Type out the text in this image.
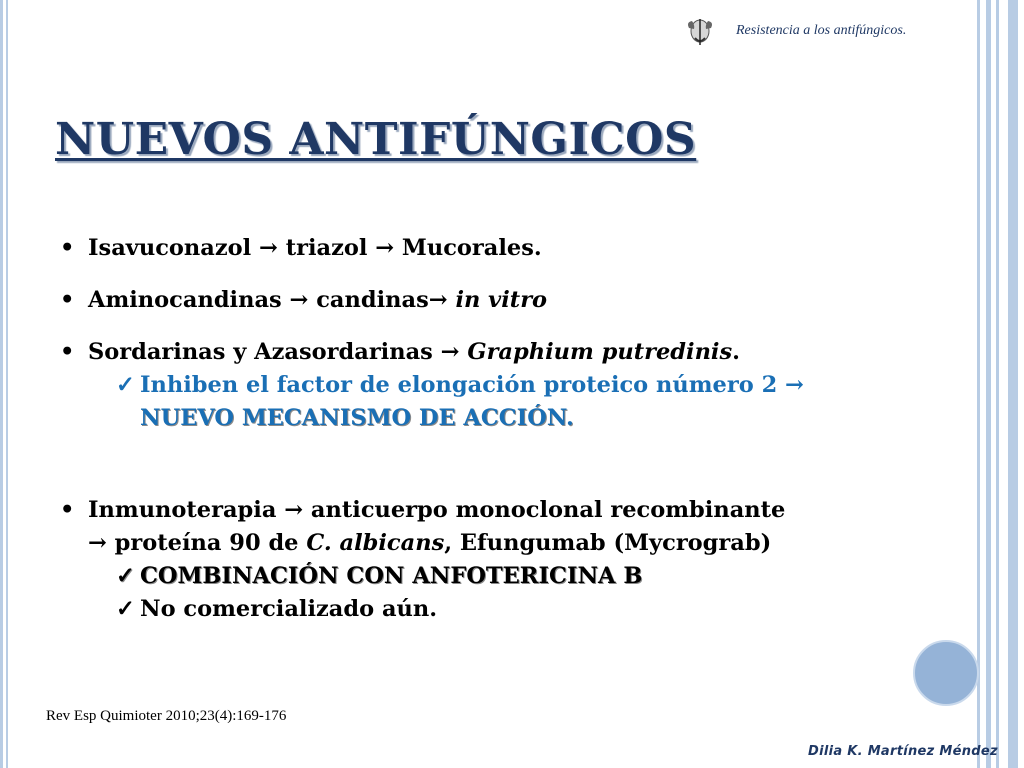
Resistencia a los antifúngicos.
NUEVOS ANTIFÚNGICOS
• Isavuconazol → triazol → Mucorales.
• Aminocandinas → candinas→ in vitro
• Sordarinas y Azasordarinas → Graphium putredinis.
✓ Inhiben el factor de elongación proteico número 2 →
NUEVO MECANISMO DE ACCIÓN.
• Inmunoterapia → anticuerpo monoclonal recombinante
→ proteína 90 de C. albicans, Efungumab (Mycrograb)
✓ COMBINACIÓN CON ANFOTERICINA B
✓ No comercializado aún.
Rev Esp Quimioter 2010;23(4):169-176
Dilia K. Martínez Méndez
